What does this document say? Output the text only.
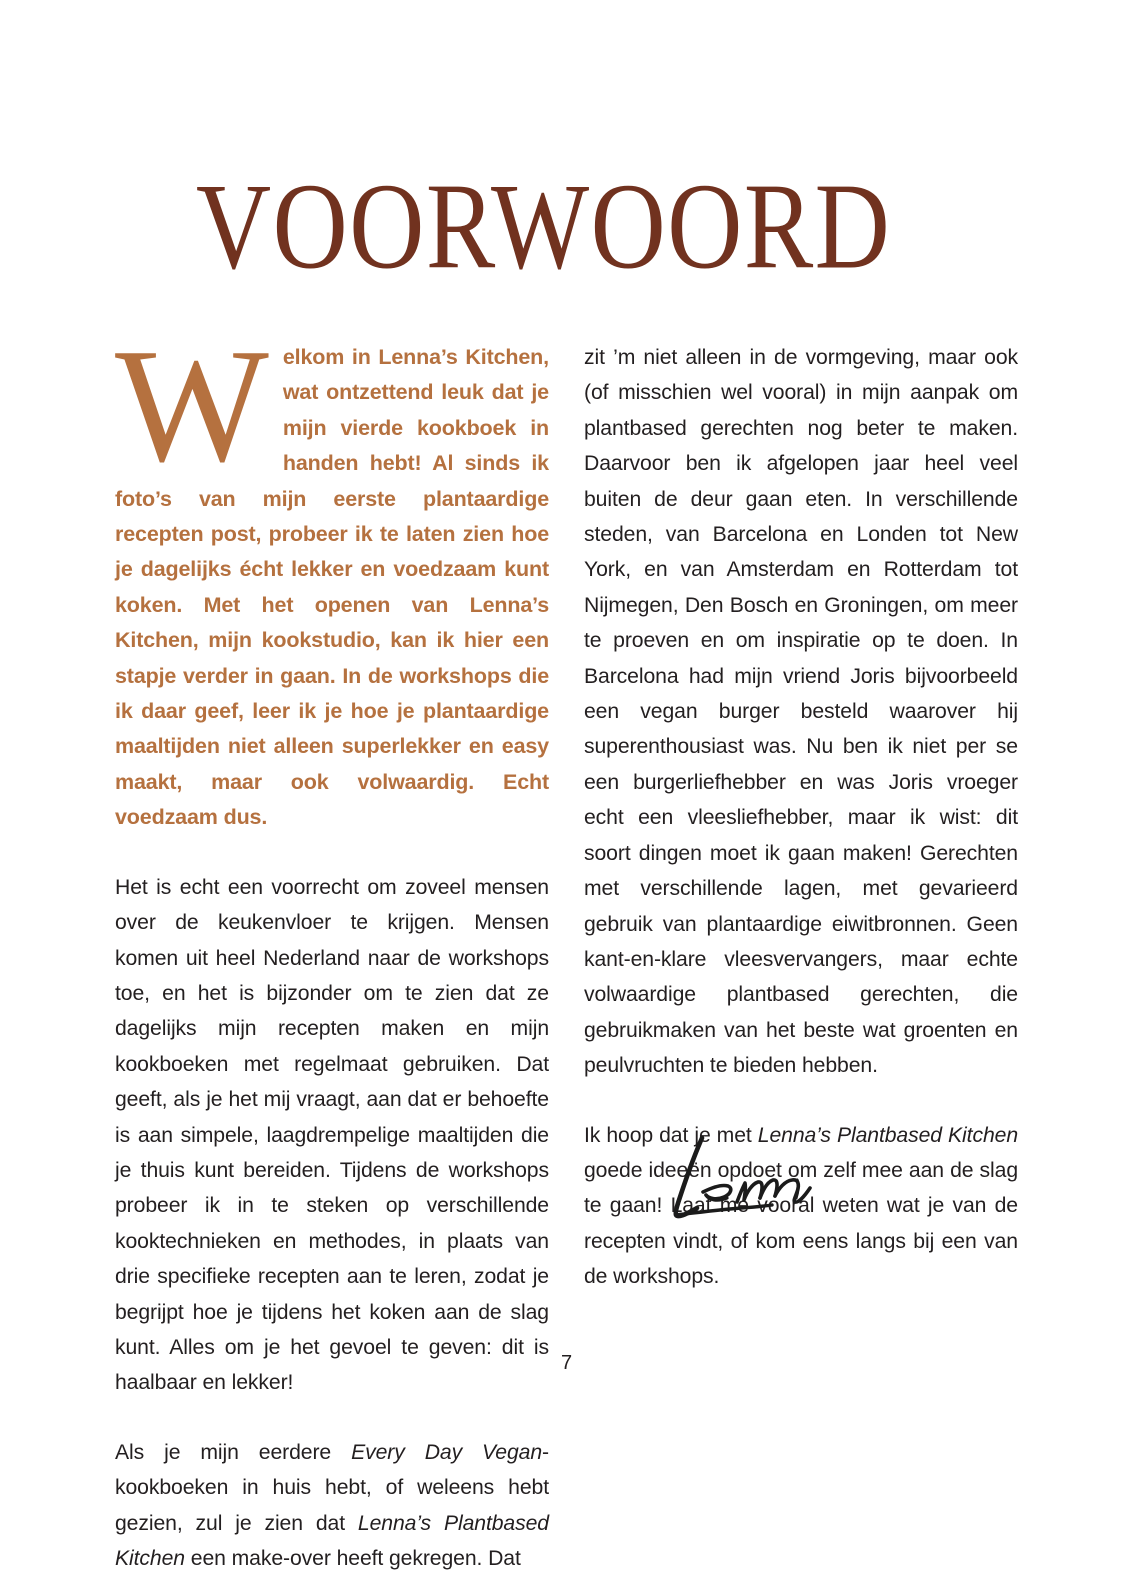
VOORWOORD

Welkom in Lenna’s Kitchen, wat ontzettend leuk dat je mijn vierde kookboek in handen hebt! Al sinds ik foto’s van mijn eerste plantaardige recepten post, probeer ik te laten zien hoe je dagelijks écht lekker en voedzaam kunt koken. Met het openen van Lenna’s Kitchen, mijn kookstudio, kan ik hier een stapje verder in gaan. In de workshops die ik daar geef, leer ik je hoe je plantaardige maaltijden niet alleen superlekker en easy maakt, maar ook volwaardig. Echt voedzaam dus.

Het is echt een voorrecht om zoveel mensen over de keukenvloer te krijgen. Mensen komen uit heel Nederland naar de workshops toe, en het is bijzonder om te zien dat ze dagelijks mijn recepten maken en mijn kookboeken met regelmaat gebruiken. Dat geeft, als je het mij vraagt, aan dat er behoefte is aan simpele, laagdrempelige maaltijden die je thuis kunt bereiden. Tijdens de workshops probeer ik in te steken op verschillende kooktechnieken en methodes, in plaats van drie specifieke recepten aan te leren, zodat je begrijpt hoe je tijdens het koken aan de slag kunt. Alles om je het gevoel te geven: dit is haalbaar en lekker!

Als je mijn eerdere Every Day Vegan-kookboeken in huis hebt, of weleens hebt gezien, zul je zien dat Lenna’s Plantbased Kitchen een make-over heeft gekregen. Dat

zit ’m niet alleen in de vormgeving, maar ook (of misschien wel vooral) in mijn aanpak om plantbased gerechten nog beter te maken. Daarvoor ben ik afgelopen jaar heel veel buiten de deur gaan eten. In verschillende steden, van Barcelona en Londen tot New York, en van Amsterdam en Rotterdam tot Nijmegen, Den Bosch en Groningen, om meer te proeven en om inspiratie op te doen. In Barcelona had mijn vriend Joris bijvoorbeeld een vegan burger besteld waarover hij superenthousiast was. Nu ben ik niet per se een burgerliefhebber en was Joris vroeger echt een vleesliefhebber, maar ik wist: dit soort dingen moet ik gaan maken! Gerechten met verschillende lagen, met gevarieerd gebruik van plantaardige eiwitbronnen. Geen kant-en-klare vleesvervangers, maar echte volwaardige plantbased gerechten, die gebruikmaken van het beste wat groenten en peulvruchten te bieden hebben.

Ik hoop dat je met Lenna’s Plantbased Kitchen goede ideeën opdoet om zelf mee aan de slag te gaan! Laat me vooral weten wat je van de recepten vindt, of kom eens langs bij een van de workshops.

7
